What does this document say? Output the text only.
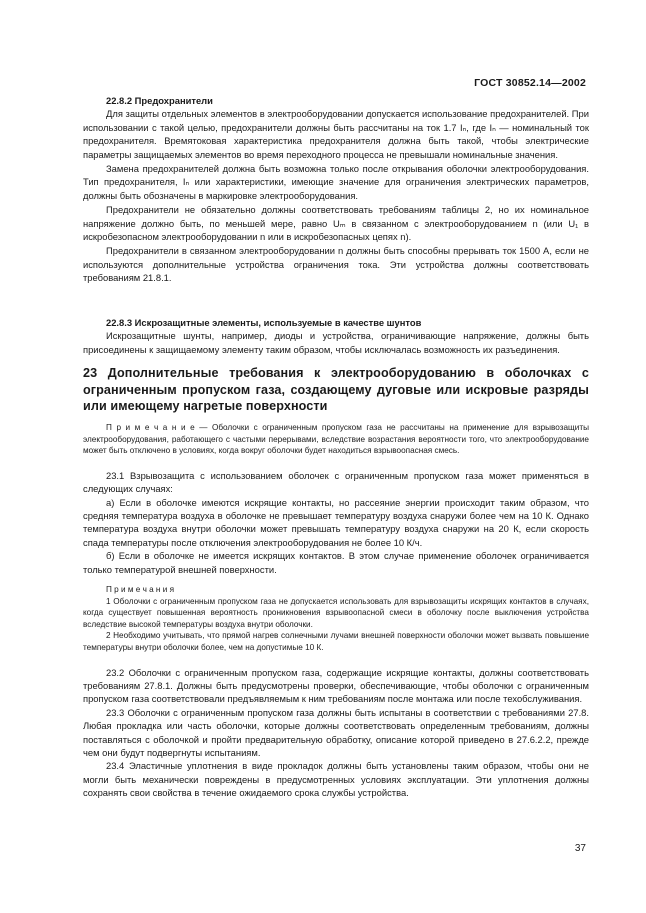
ГОСТ 30852.14—2002

22.8.2 Предохранители

Для защиты отдельных элементов в электрооборудовании допускается использование предохранителей. При использовании с такой целью, предохранители должны быть рассчитаны на ток 1.7 Iₙ, где Iₙ — номинальный ток предохранителя. Времятоковая характеристика предохранителя должна быть такой, чтобы электрические параметры защищаемых элементов во время переходного процесса не превышали номинальные значения.

Замена предохранителей должна быть возможна только после открывания оболочки электрооборудования. Тип предохранителя, Iₙ или характеристики, имеющие значение для ограничения электрических параметров, должны быть обозначены в маркировке электрооборудования.

Предохранители не обязательно должны соответствовать требованиям таблицы 2, но их номинальное напряжение должно быть, по меньшей мере, равно Uₘ в связанном с электрооборудованием n (или U₁ в искробезопасном электрооборудовании n или в искробезопасных цепях n).

Предохранители в связанном электрооборудовании n должны быть способны прерывать ток 1500 А, если не используются дополнительные устройства ограничения тока. Эти устройства должны соответствовать требованиям 21.8.1.

22.8.3 Искрозащитные элементы, используемые в качестве шунтов

Искрозащитные шунты, например, диоды и устройства, ограничивающие напряжение, должны быть присоединены к защищаемому элементу таким образом, чтобы исключалась возможность их разъединения.

23 Дополнительные требования к электрооборудованию в оболочках с ограниченным пропуском газа, создающему дуговые или искровые разряды или имеющему нагретые поверхности

П р и м е ч а н и е — Оболочки с ограниченным пропуском газа не рассчитаны на применение для взрывозащиты электрооборудования, работающего с частыми перерывами, вследствие возрастания вероятности того, что электрооборудование может быть отключено в условиях, когда вокруг оболочки будет находиться взрывоопасная смесь.

23.1 Взрывозащита с использованием оболочек с ограниченным пропуском газа может применяться в следующих случаях:

а) Если в оболочке имеются искрящие контакты, но рассеяние энергии происходит таким образом, что средняя температура воздуха в оболочке не превышает температуру воздуха снаружи более чем на 10 К. Однако температура воздуха внутри оболочки может превышать температуру воздуха снаружи на 20 К, если скорость спада температуры после отключения электрооборудования не более 10 К/ч.

б) Если в оболочке не имеется искрящих контактов. В этом случае применение оболочек ограничивается только температурой внешней поверхности.

П р и м е ч а н и я

1 Оболочки с ограниченным пропуском газа не допускается использовать для взрывозащиты искрящих контактов в случаях, когда существует повышенная вероятность проникновения взрывоопасной смеси в оболочку после выключения устройства вследствие высокой температуры воздуха внутри оболочки.

2 Необходимо учитывать, что прямой нагрев солнечными лучами внешней поверхности оболочки может вызвать повышение температуры внутри оболочки более, чем на допустимые 10 К.

23.2 Оболочки с ограниченным пропуском газа, содержащие искрящие контакты, должны соответствовать требованиям 27.8.1. Должны быть предусмотрены проверки, обеспечивающие, чтобы оболочки с ограниченным пропуском газа соответствовали предъявляемым к ним требованиям после монтажа или после техобслуживания.

23.3 Оболочки с ограниченным пропуском газа должны быть испытаны в соответствии с требованиями 27.8. Любая прокладка или часть оболочки, которые должны соответствовать определенным требованиям, должны поставляться с оболочкой и пройти предварительную обработку, описание которой приведено в 27.6.2.2, прежде чем они будут подвергнуты испытаниям.

23.4 Эластичные уплотнения в виде прокладок должны быть установлены таким образом, чтобы они не могли быть механически повреждены в предусмотренных условиях эксплуатации. Эти уплотнения должны сохранять свои свойства в течение ожидаемого срока службы устройства.

37
